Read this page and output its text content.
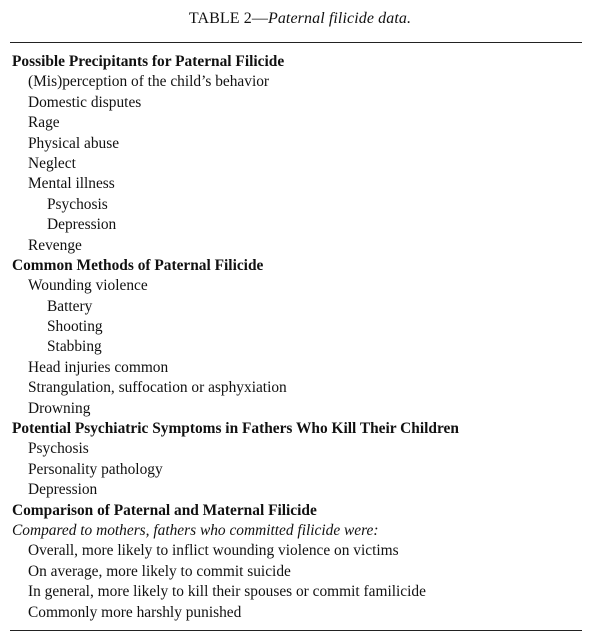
TABLE 2—Paternal filicide data.
Possible Precipitants for Paternal Filicide
(Mis)perception of the child’s behavior
Domestic disputes
Rage
Physical abuse
Neglect
Mental illness
Psychosis
Depression
Revenge
Common Methods of Paternal Filicide
Wounding violence
Battery
Shooting
Stabbing
Head injuries common
Strangulation, suffocation or asphyxiation
Drowning
Potential Psychiatric Symptoms in Fathers Who Kill Their Children
Psychosis
Personality pathology
Depression
Comparison of Paternal and Maternal Filicide
Compared to mothers, fathers who committed filicide were:
Overall, more likely to inflict wounding violence on victims
On average, more likely to commit suicide
In general, more likely to kill their spouses or commit familicide
Commonly more harshly punished
